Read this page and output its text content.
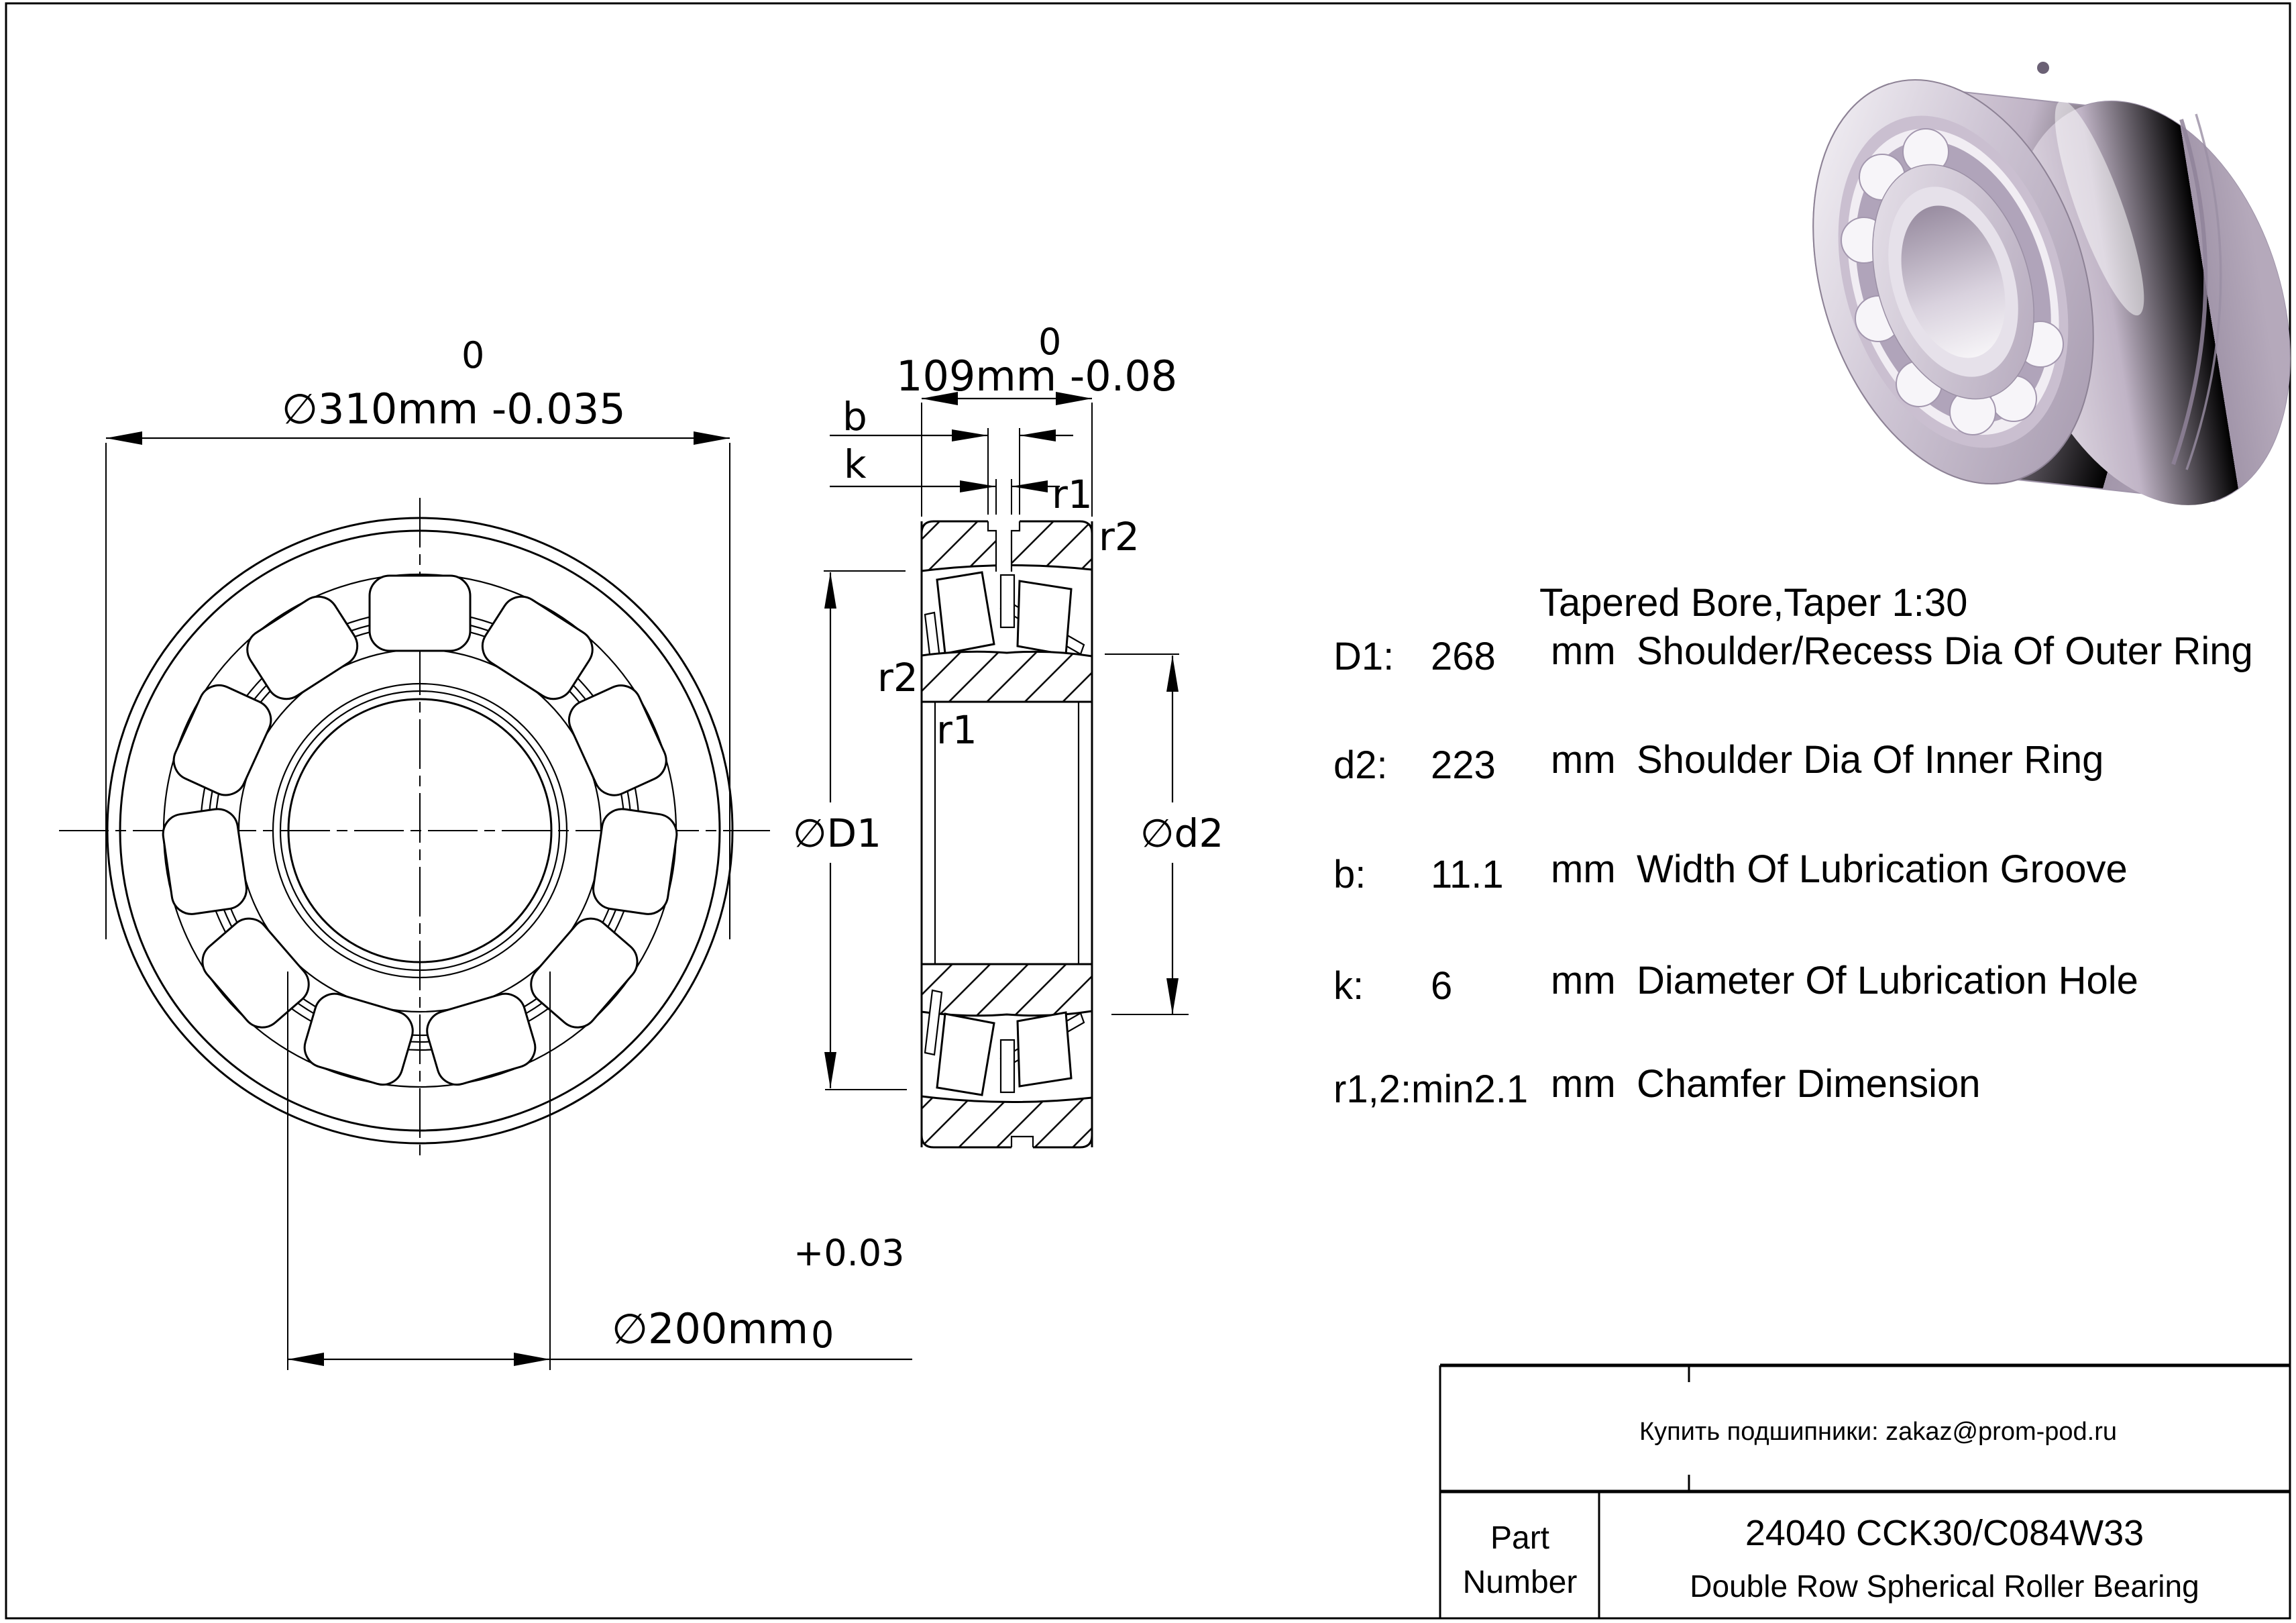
∅310mm -0.035
0
∅200mm
+0.03
0
109mm -0.08
0
b
k
r1
r2
r2
r1
∅D1	∅d2
Tapered Bore,Taper 1:30
D1: 268 mm Shoulder/Recess Dia Of Outer Ring
d2: 223 mm Shoulder Dia Of Inner Ring
b: 11.1 mm Width Of Lubrication Groove
k: 6	mm Diameter Of Lubrication Hole
r1,2:min2.1 mm Chamfer Dimension
Купить подшипники: zakaz@prom-pod.ru
Part
Number
24040 CCK30/C084W33
Double Row Spherical Roller Bearing
